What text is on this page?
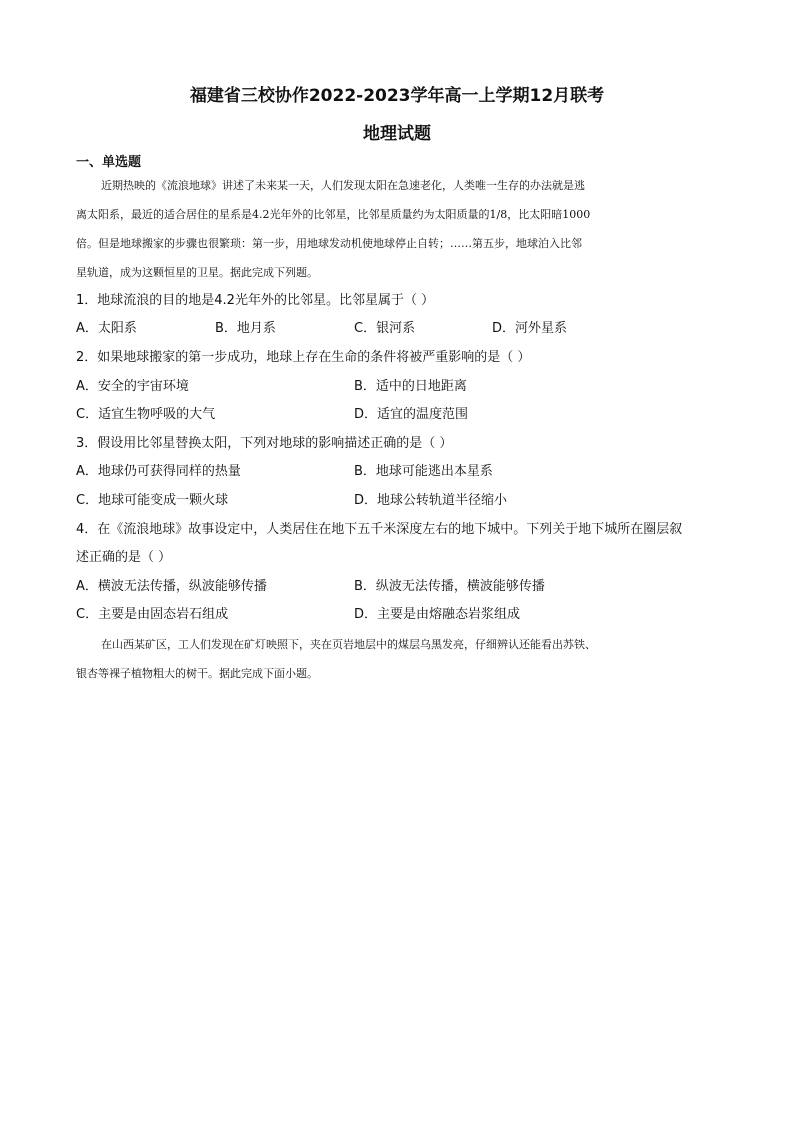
福建省三校协作2022-2023学年高一上学期12月联考
地理试题
一、单选题
近期热映的《流浪地球》讲述了未来某一天，人们发现太阳在急速老化，人类唯一生存的办法就是逃
离太阳系，最近的适合居住的星系是4.2光年外的比邻星，比邻星质量约为太阳质量的1/8，比太阳暗1000
倍。但是地球搬家的步骤也很繁琐：第一步，用地球发动机使地球停止自转；……第五步，地球泊入比邻
星轨道，成为这颗恒星的卫星。据此完成下列题。
1．地球流浪的目的地是4.2光年外的比邻星。比邻星属于（ ）
A．太阳系	B．地月系	C．银河系	D．河外星系
2．如果地球搬家的第一步成功，地球上存在生命的条件将被严重影响的是（ ）
A．安全的宇宙环境	B．适中的日地距离
C．适宜生物呼吸的大气	D．适宜的温度范围
3．假设用比邻星替换太阳，下列对地球的影响描述正确的是（ ）
A．地球仍可获得同样的热量	B．地球可能逃出本星系
C．地球可能变成一颗火球	D．地球公转轨道半径缩小
4．在《流浪地球》故事设定中，人类居住在地下五千米深度左右的地下城中。下列关于地下城所在圈层叙
述正确的是（ ）
A．横波无法传播，纵波能够传播	B．纵波无法传播，横波能够传播
C．主要是由固态岩石组成	D．主要是由熔融态岩浆组成
在山西某矿区，工人们发现在矿灯映照下，夹在页岩地层中的煤层乌黑发亮，仔细辨认还能看出苏铁、
银杏等裸子植物粗大的树干。据此完成下面小题。
